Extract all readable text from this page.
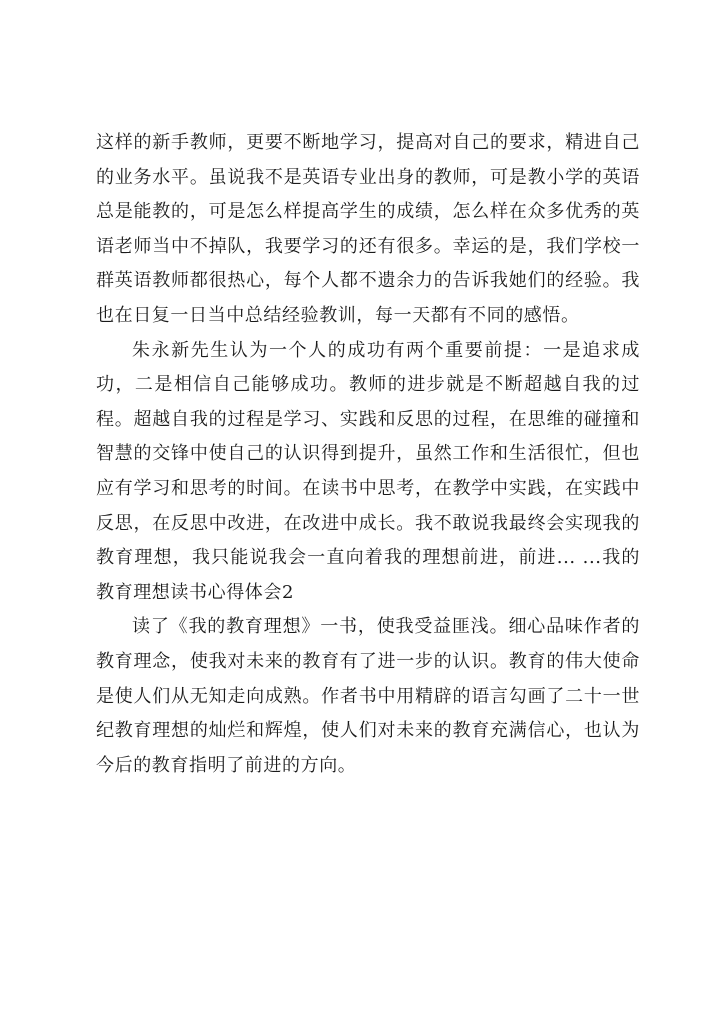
这样的新手教师，更要不断地学习，提高对自己的要求，精进自己的业务水平。虽说我不是英语专业出身的教师，可是教小学的英语总是能教的，可是怎么样提高学生的成绩，怎么样在众多优秀的英语老师当中不掉队，我要学习的还有很多。幸运的是，我们学校一群英语教师都很热心，每个人都不遗余力的告诉我她们的经验。我也在日复一日当中总结经验教训，每一天都有不同的感悟。

朱永新先生认为一个人的成功有两个重要前提：一是追求成功，二是相信自己能够成功。教师的进步就是不断超越自我的过程。超越自我的过程是学习、实践和反思的过程，在思维的碰撞和智慧的交锋中使自己的认识得到提升，虽然工作和生活很忙，但也应有学习和思考的时间。在读书中思考，在教学中实践，在实践中反思，在反思中改进，在改进中成长。我不敢说我最终会实现我的教育理想，我只能说我会一直向着我的理想前进，前进... ...我的教育理想读书心得体会2

读了《我的教育理想》一书，使我受益匪浅。细心品味作者的教育理念，使我对未来的教育有了进一步的认识。教育的伟大使命是使人们从无知走向成熟。作者书中用精辟的语言勾画了二十一世纪教育理想的灿烂和辉煌，使人们对未来的教育充满信心，也认为今后的教育指明了前进的方向。
